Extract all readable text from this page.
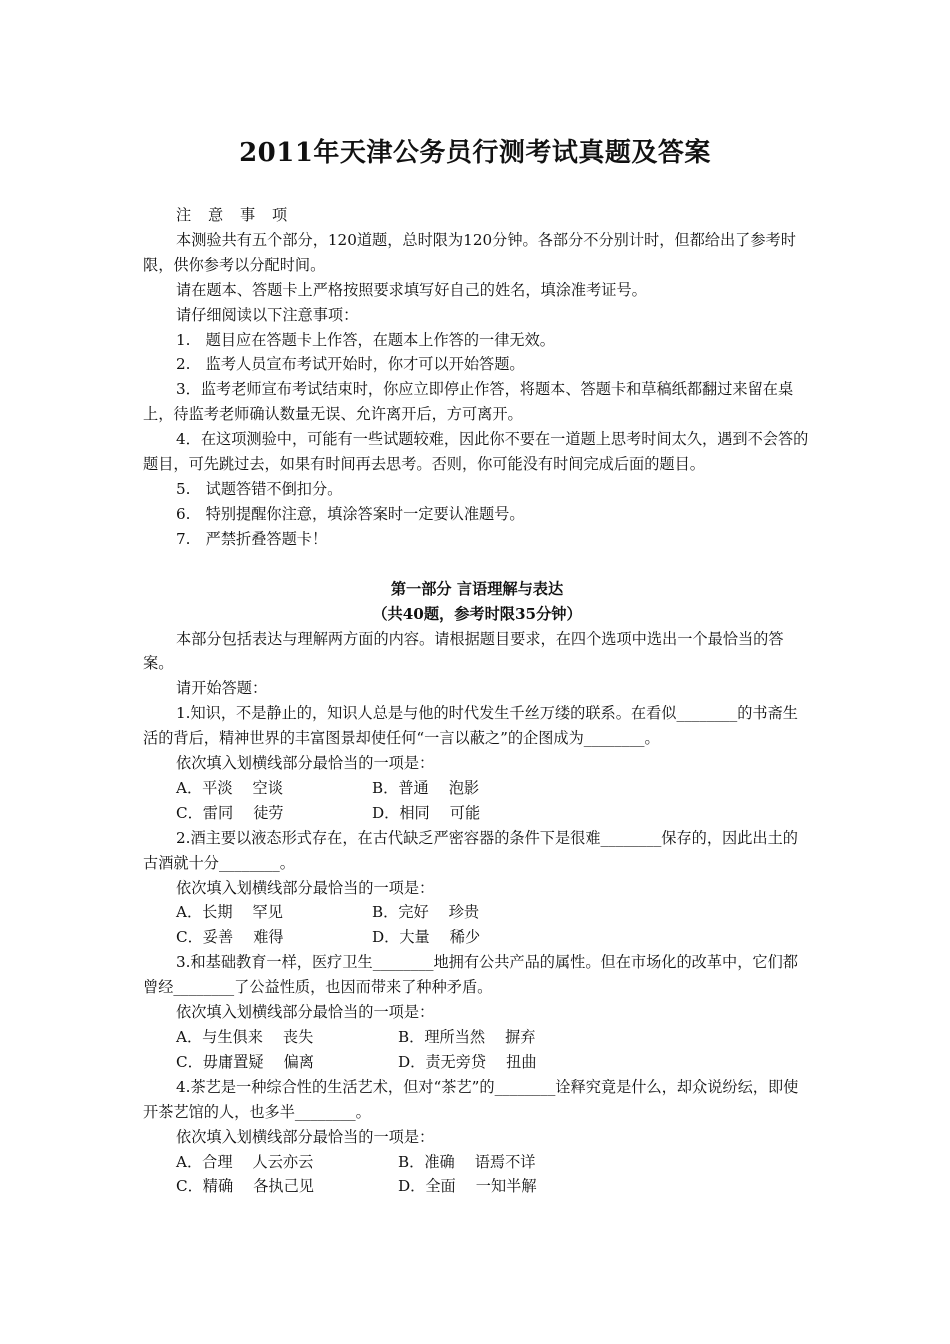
2011年天津公务员行测考试真题及答案

注 意 事 项

本测验共有五个部分，120道题，总时限为120分钟。各部分不分别计时，但都给出了参考时限，供你参考以分配时间。

请在题本、答题卡上严格按照要求填写好自己的姓名，填涂准考证号。

请仔细阅读以下注意事项：

1.　题目应在答题卡上作答，在题本上作答的一律无效。

2.　监考人员宣布考试开始时，你才可以开始答题。

3．监考老师宣布考试结束时，你应立即停止作答，将题本、答题卡和草稿纸都翻过来留在桌上，待监考老师确认数量无误、允许离开后，方可离开。

4．在这项测验中，可能有一些试题较难，因此你不要在一道题上思考时间太久，遇到不会答的题目，可先跳过去，如果有时间再去思考。否则，你可能没有时间完成后面的题目。

5.　试题答错不倒扣分。

6.　特别提醒你注意，填涂答案时一定要认准题号。

7.　严禁折叠答题卡！

第一部分 言语理解与表达

（共40题，参考时限35分钟）

本部分包括表达与理解两方面的内容。请根据题目要求，在四个选项中选出一个最恰当的答案。

请开始答题：

1.知识，不是静止的，知识人总是与他的时代发生千丝万缕的联系。在看似________的书斋生活的背后，精神世界的丰富图景却使任何“一言以蔽之”的企图成为________。

依次填入划横线部分最恰当的一项是：

A．平淡　 空谈	B．普通　 泡影

C．雷同　 徒劳	D．相同　 可能

2.酒主要以液态形式存在，在古代缺乏严密容器的条件下是很难________保存的，因此出土的古酒就十分________。

依次填入划横线部分最恰当的一项是：

A．长期　 罕见	B．完好　 珍贵

C．妥善　 难得	D．大量　 稀少

3.和基础教育一样，医疗卫生________地拥有公共产品的属性。但在市场化的改革中，它们都曾经________了公益性质，也因而带来了种种矛盾。

依次填入划横线部分最恰当的一项是：

A．与生俱来　 丧失	B．理所当然　 摒弃

C．毋庸置疑　 偏离	D．责无旁贷　 扭曲

4.茶艺是一种综合性的生活艺术，但对“茶艺”的________诠释究竟是什么，却众说纷纭，即使开茶艺馆的人，也多半________。

依次填入划横线部分最恰当的一项是：

A．合理　 人云亦云	B．准确　 语焉不详

C．精确　 各执己见	D．全面　 一知半解
